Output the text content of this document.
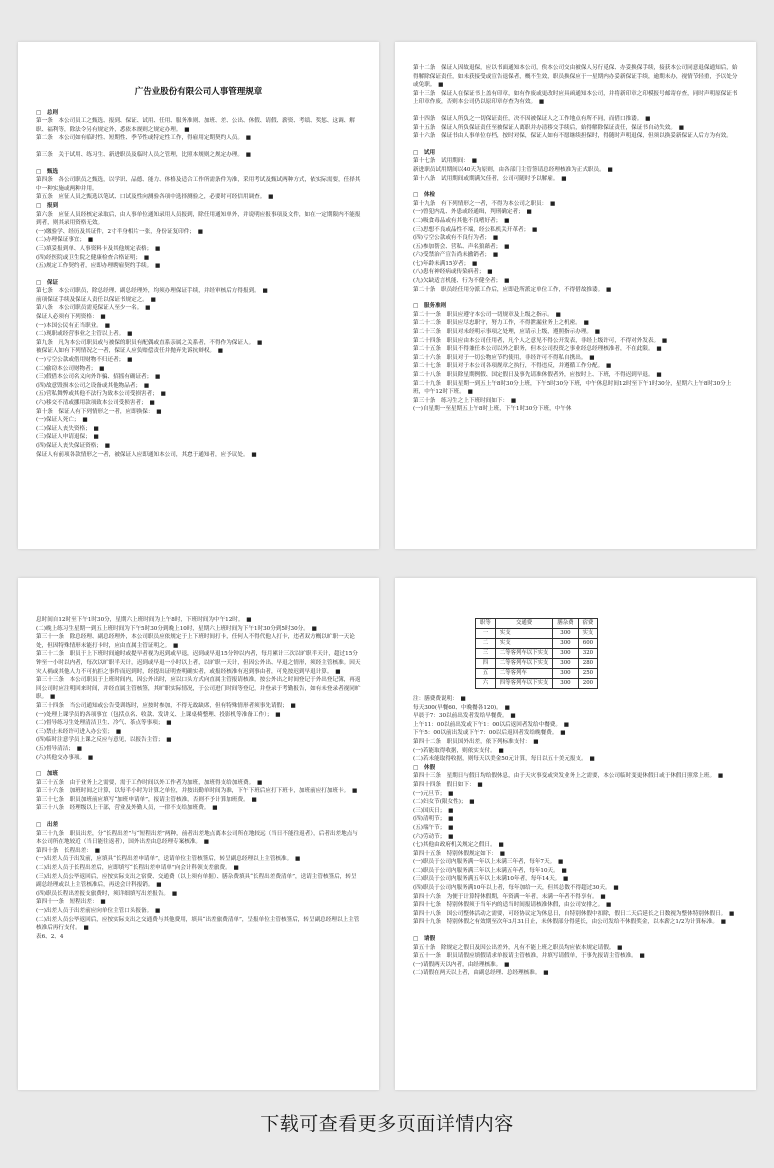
广告业股份有限公司人事管理规章

□　总则

第一条　本公司员工之甄选、报到、保证、试用、任用、服务准则、加班、差、公出、休假、请假、薪资、考绩、奖惩、这调、解职、福利等，除法令另有规定外，悉依本规则之规定办理。　■

第二条　本公司如有临时性、短期性、季节性或特定性工作，得雇用定期契约人员。　■

第三条　关于试用、练习生、新进职员及临时人员之管理，比照本规则之规定办理。　■

□　甄选

第四条　各公司职员之甄选，以学识、品德、能力、体格及适合工作所需条件为准，采用考试及甄试两种方式，依实际需要，任择其中一种实施或两种并用。

第五条　应征人员之甄选以笔试、口试及性向测验各项中选择测验之，必要时可经信用调查。　■

□　报到

第六条　应征人员经核定录取后，由人事单位通知录用人员报到，除任用通知单外，并说明应报事项及文件，如在一定期限内不能报到者，则其录用资格无效。

(一)缴验学、经历及其证件，2寸半身相片一张，身份证复印件；　■

(二)办理保证事宜；　■

(三)填妥报到单、人事资料卡及其他规定表格；　■

(四)经医院或卫生院之健康检查合格证明；　■

(五)规定工作契约者，应即办理聘雇契约手续。　■

□　保证

第七条　本公司职员，除总经理、副总经理外，均须办理保证手续，并经审核后方得报到。　■

前项保证手续及保证人责任以保证书规定之。　■

第八条　本公司职员需觅保证人至少一名。　■

保证人必须有下列资格：　■

(一)本国公民有正当职业。　■

(二)现职或经营事业之主管以上者。　■

第九条　凡为本公司职员或与被保的职员有配偶或直系亲属之关系者，不得作为保证人。　■

被保证人如有下列情况之一者，保证人应负赔偿责任并抛弃先诉抗辩权。　■

(一)亏空公款或借用财物不归还者；　■

(二)偷窃本公司财物者；　■

(三)假借本公司名义向外诈骗、招摇有确证者；　■

(四)故意毁损本公司之设备或其他物品者；　■

(五)营私舞弊或其他不法行为致本公司受损害者；　■

(六)移交不清或挪用款项致本公司受损害者；　■

第十条　保证人有下列情形之一者，应即换保：　■

(一)保证人死亡；　■

(二)保证人丧失资格；　■

(三)保证人申请退保；　■

(四)保证人丧失保证资格；　■

保证人有前项各款情形之一者，被保证人应即通知本公司，其怠于通知者，应予议处。　■

第十二条　保证人因故退保，应以书面通知本公司，俟本公司交由被保人另行觅保、办妥换保手续，接获本公司同意退保通知后，始得解除保证责任，如未获接受或宣告退保者，概不生效，职员换保应于一星期内办妥新保证手续，逾期未办，视情节轻重，予以处分或免职。　■

第十三条　保证人在保证书上盖有印章，如有作废或更改时应具函通知本公司，并将新印章之印模报号邮寄存查，同时声明原保证书上印章作废，否则本公司仍以原印章存查为有效。　■

第十四条　保证人所负之一切保证责任，决不因被保证人之工作地点有所不同，而借口推诿。　■

第十五条　保证人所负保证责任至被保证人离职并办清移交手续后，始得解除保证责任，保证书自动失效。　■

第十六条　保证书由人事单位存档，按时对保，保证人如有不愿继续担保时，得随时声明退保，但须以换妥新保证人后方为有效。

□　试用

第十七条　试用期间：　■

新进职员试用期间以40天为原则，由各部门主管签请总经理核准为正式职员。　■

第十八条　试用期间或期满欠佳者，公司可随时予以解雇。　■

□　体检

第十九条　有下列情形之一者，不得为本公司之职员：　■

(一)曾犯内乱、外患或经通缉，判刑确定者；　■

(二)吸食毒品或有其他不良嗜好者；　■

(三)思想不良或品性不端，经公私机关开革者；　■

(四)亏空公款或有不良行为者；　■

(五)参加帮会、营私、声名狼藉者；　■

(六)受禁治产宣告尚未撤销者；　■

(七)年龄未满15岁者；　■

(八)患有神经病或传染病者；　■

(九)欠缺适言机能、行为不健全者；　■

第二十条　职员经任用分派工作后，应即赴所派定单位工作，不得借故推诿。　■

□　服务准则

第二十一条　职员应遵守本公司一切规章及上级之指示。　■

第二十二条　职员应尽忠职守，努力工作，不得泄漏业务上之机密。　■

第二十三条　职员对未经明示事项之处理，应请示上级，遵照指示办理。　■

第二十四条　职员应由本公司任用者，凡个人之意见不得公开发表，非经上级许可，不得对外发表。　■

第二十五条　职员不得兼任本公司以外之职务，但本公司投资之事业经总经理核准者，不在此限。　■

第二十六条　职员对于一切公物应节约使用，非经许可不得私自携出。　■

第二十七条　职员对于本公司各项规章之执行，不得违反，并遵循工作分配。　■

第二十八条　职员除星期例假、国定假日及事先请准休假者外，应按时上、下班，不得迟到早退。　■

第二十九条　职员星期一到五上午8时30分上班，下午5时30分下班，中午休息时间12时至下午1时30分，星期六上午8时30分上班，中午12时下班。　■

第三十条　练习生之上下班时间如下：　■

(一)自星期一至星期五上午8时上班，下午1时30分下班，中午休

息时间自12时至下午1时30分，星期六上班时间为上午8时，下班时间为中午12时。　■

(二)晚上练习生星期一到五上班时间为下午5时30分到晚上10时，星期六上班时间为下午1时30分到5时30分。　■

第三十一条　除总经理、副总经理外，本公司职员应依规定于上下班时间打卡，任何人不得代他人打卡，违者双方概以旷职一天论处，但因特殊情形未能打卡时，应由直属主管证明之。　■

第三十二条　职员于上下班时间逾时或提早者视为迟到或早退，迟到或早退15分钟以内者，每月累计三次以旷职半天计，超过15分钟至一小时以内者，每次以旷职半天计，迟到或早退一小时以上者，以旷职一天计，但因公外出、早退之情形，须经主管核准。因天灾人祸或其他人力不可抗拒之事件而迟到时，经提出证明查明确实者，或报经核准有迟到事由者，可免按迟到早退计算。　■

第三十三条　本公司职员于上班时间内，因公外出时，应以口头方式向直属主管报请核准，按公外出之时间登记于外出登记簿，再返回公司时应注明回来时间，并经直属主管核签，其旷职实际情况，于公司进门时间等登记，并登录于考勤报告，如有未登录者视同旷职。　■

第三十四条　当公司通知或公告受训练时，应按时参加，不得无故缺席，但有特殊情形者须事先请假；　■

(一)处理上课学员的各项事宜（包括点名、收款、发讲义、上课桌椅整理、投影机等准备工作）；　■

(二)督导练习生处理清洁卫生、冷气、茶点等事项；　■

(三)禁止未经许可进入办公室；　■

(四)临时注意学员上课之反应与意见，以报告主管；　■

(五)督导清洁；　■

(六)其他交办事项。　■

□　加班

第三十五条　由于业务上之需要，需于工作时间以外工作者为加班，加班得支给加班费。　■

第三十六条　加班时间之计算，以每半小时为计算之单位，并按出勤单时间为准，下午下班后应打下班卡，加班前应打加班卡。　■

第三十七条　职员加班前应填写“加班申请单”，报请主管核准，否则不予计算加班费。　■

第三十八条　经理级以上干部，营业及外勤人员，一律不支给加班费。　■

□　出差

第三十九条　职员出差，分“长程出差”与“短程出差”两种，前者出差地点离本公司所在地较远（当日不能往返者），后者出差地点与本公司所在地较近（当日能往返者），国外出差由总经理专案核准。　■

第四十条　长程出差：　■

(一)出差人员于出发前，应填具“长程出差申请单”，送请单位主管核签后，转呈副总经理以上主管核准。　■

(二)出差人员于长程出差后，应即填写“长程出差申请单”向会计科领支差旅费。　■

(三)出差人员公毕返回后，应按实际支出之宿费、交通费（以上须有单据）、膳杂费填具“长程出差费清单”，送请主管核签后，转呈副总经理或以上主管核准后，再送会计科报销。　■

(四)职员长程出差报支旅费时，须详细填写出差报告。　■

第四十一条　短程出差：　■

(一)出差人员于出差前应向单位主管口头报备。　■

(二)出差人员公毕返回后，应按实际支出之交通费与其他费用，填具“出差旅费清单”，呈报单位主管核签后，转呈副总经理以上主管核准后再行支付。　■

表6、2、4

职等	交通费	膳杂费	宿费
一	实支	300	实支
二	实支	300	600
三	二等客列车以下实支	300	320
四	二等客列车以下实支	300	280
五	二等客列车	300	250
六	四等客列车以下实支	300	200

注：膳费费说明：　■

每天300(早餐60、中晚餐各120)。　■

早晨于7：30以前出发者发给早餐费。　■

上午11：00以前出发或下午1：00以后返回者发给中餐费。　■

下午5：00以前出发或下午7：00以后返回者发给晚餐费。　■

第四十二条　职员国外出差，依下列标准支付：　■

(一)若能取得收据，则依实支付。　■

(二)若未能取得收据，则每天以美金50元计算，每日以五十美元报支。　■

□　休假

第四十三条　星期日与假日均给假休息，由于天灾事变或突发业务上之需要，本公司临时变更休假日或于休假日照常上班。　■

第四十四条　假日如下：　■

(一)元旦节；　■

(二)妇女节(限女性)；　■

(三)国庆日；　■

(四)清明节；　■

(五)端午节；　■

(六)劳动节；　■

(七)其他由政府机关规定之假日。　■

第四十五条　特别休假规定如下：　■

(一)职员于公司内服务满一年以上未满三年者，每年7天。　■

(二)职员于公司内服务满三年以上未满五年者，每年10天。　■

(三)职员于公司内服务满五年以上未满10年者，每年14天。　■

(四)职员于公司内服务满10年以上者，每年加给一天，但其总数不得超过30天。　■

第四十六条　为便于计算特休假期，年资满一年者，未满一年者不得享有。　■

第四十七条　特别休假须于当年内的适当时间报请核准休假，由公司安排之。　■

第四十八条　国公司整体活动之需要，可经协议定为休息日，自特别休假中扣除，假日二天后延长之日数视为整体特别休假日。　■

第四十九条　特别休假之有效期至次年3月31日止，未休假部分得延长，由公司发给不休假奖金，以本薪之1/2为计算标准。　■

□　请假

第五十条　除规定之假日及因公出差外，凡有不能上班之职员均应依本规定请假。　■

第五十一条　职员请假应填假请求单报请主管核准，并填写请假单，于事先报请主管核准。　■

(一)请假两天以内者，由经理核准。　■

(二)请假在两天以上者，由副总经理、总经理核准。　■

下载可查看更多页面详情内容
